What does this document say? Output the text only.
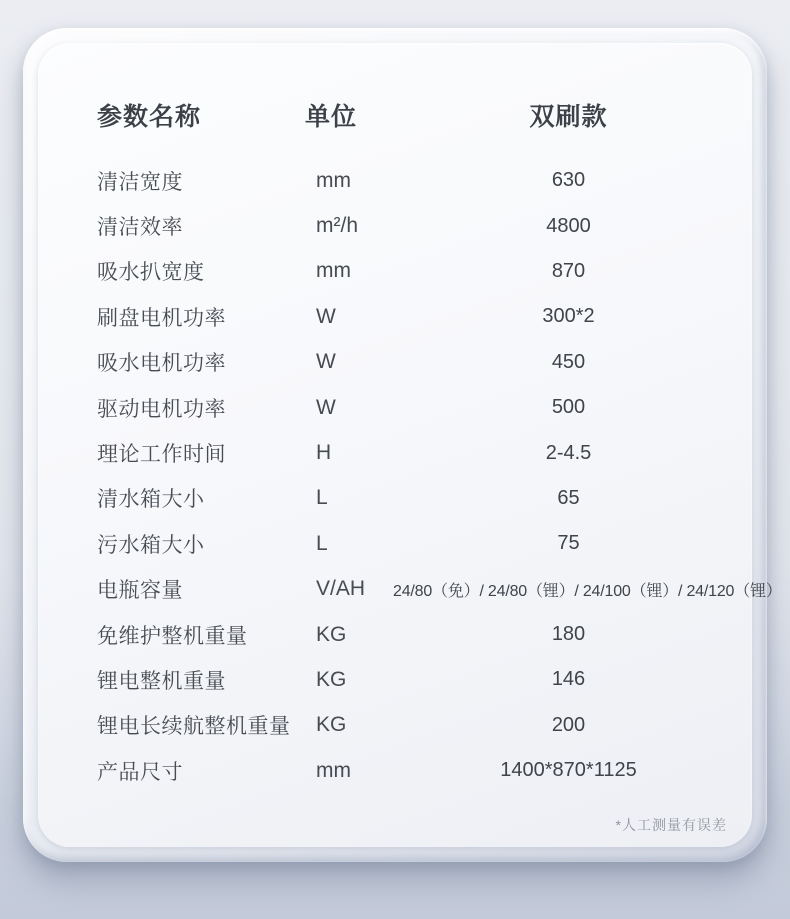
参数名称	单位	双刷款
清洁宽度	mm	630
清洁效率	m²/h	4800
吸水扒宽度	mm	870
刷盘电机功率	W	300*2
吸水电机功率	W	450
驱动电机功率	W	500
理论工作时间	H	2-4.5
清水箱大小	L	65
污水箱大小	L	75
电瓶容量	V/AH	24/80（免）/ 24/80（锂）/ 24/100（锂）/ 24/120（锂）
免维护整机重量	KG	180
锂电整机重量	KG	146
锂电长续航整机重量	KG	200
产品尺寸	mm	1400*870*1125
*人工测量有误差
